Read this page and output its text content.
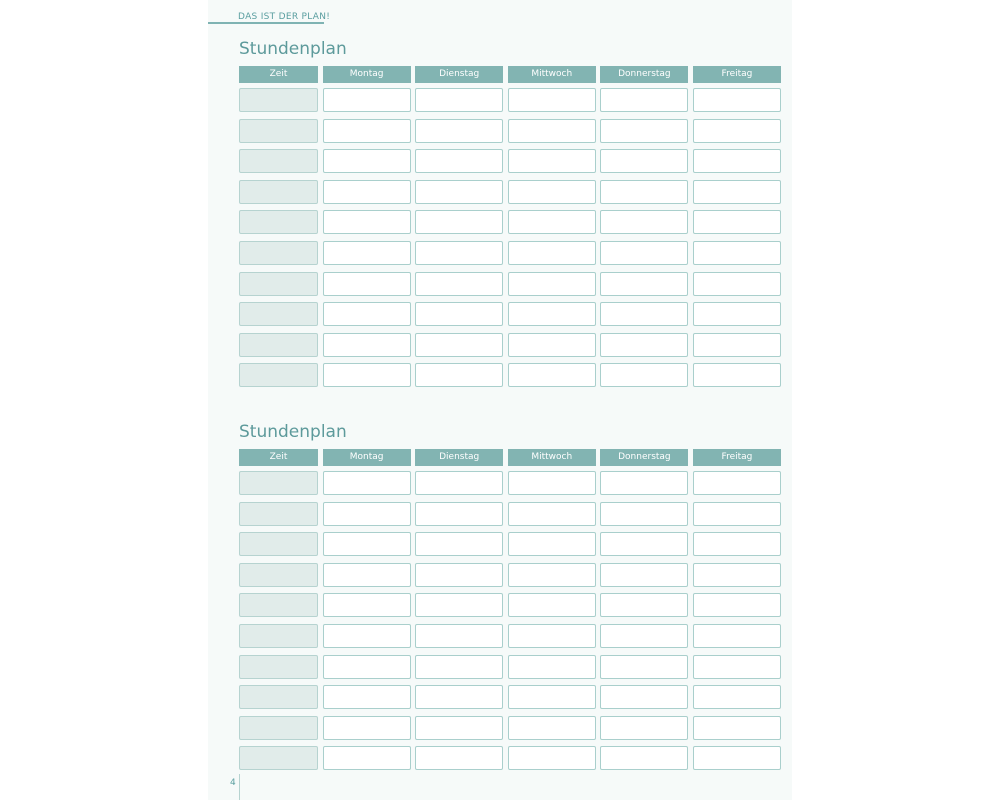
DAS IST DER PLAN!
Stundenplan
Zeit	Montag	Dienstag	Mittwoch	Donnerstag	Freitag
Stundenplan
Zeit	Montag	Dienstag	Mittwoch	Donnerstag	Freitag
4
